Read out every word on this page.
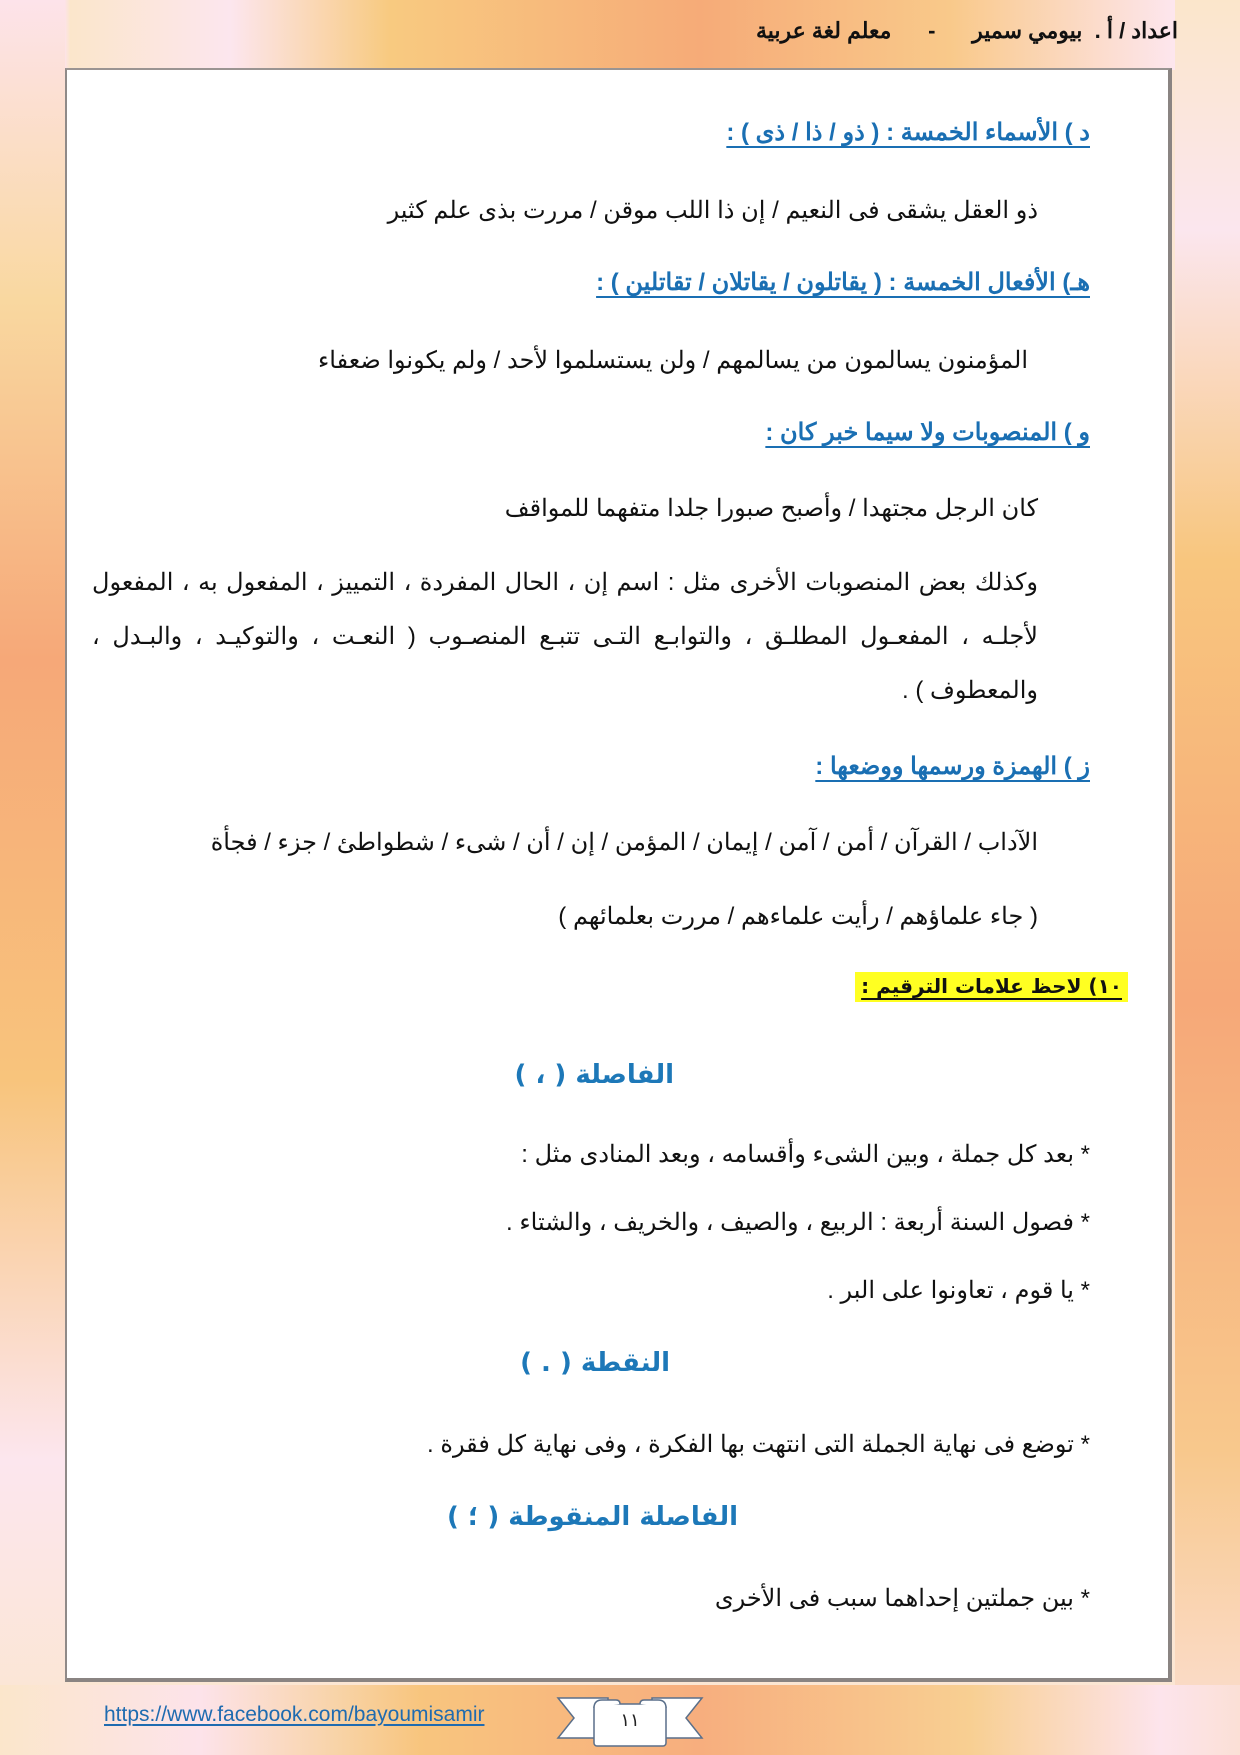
اعداد / أ .  بيومي سمير      -      معلم لغة عربية
د ) الأسماء الخمسة : ( ذو / ذا / ذى ) :
ذو العقل يشقى فى النعيم / إن ذا اللب موقن / مررت بذى علم كثير
هـ) الأفعال الخمسة : ( يقاتلون / يقاتلان / تقاتلين ) :
المؤمنون يسالمون من يسالمهم / ولن يستسلموا لأحد / ولم يكونوا ضعفاء
و ) المنصوبات ولا سيما خبر كان :
كان الرجل مجتهدا / وأصبح صبورا جلدا متفهما للمواقف
وكذلك بعض المنصوبات الأخرى مثل : اسم إن ، الحال المفردة ، التمييز ، المفعول به ، المفعول لأجلـه ، المفعـول المطلـق ، والتوابـع التـى تتبـع المنصـوب ( النعـت ، والتوكيـد ، والبـدل ، والمعطوف ) .
ز ) الهمزة ورسمها ووضعها :
الآداب / القرآن / أمن / آمن / إيمان / المؤمن / إن / أن / شىء / شطواطئ / جزء / فجأة
( جاء علماؤهم / رأيت علماءهم / مررت بعلمائهم )
١٠) لاحظ علامات الترقيم :
الفاصلة ( ، )
* بعد كل جملة ، وبين الشىء وأقسامه ، وبعد المنادى مثل :
* فصول السنة أربعة : الربيع ، والصيف ، والخريف ، والشتاء .
* يا قوم ، تعاونوا على البر .
النقطة ( . )
* توضع فى نهاية الجملة التى انتهت بها الفكرة ، وفى نهاية كل فقرة .
الفاصلة المنقوطة ( ؛ )
* بين جملتين إحداهما سبب فى الأخرى
https://www.facebook.com/bayoumisamir	١١
